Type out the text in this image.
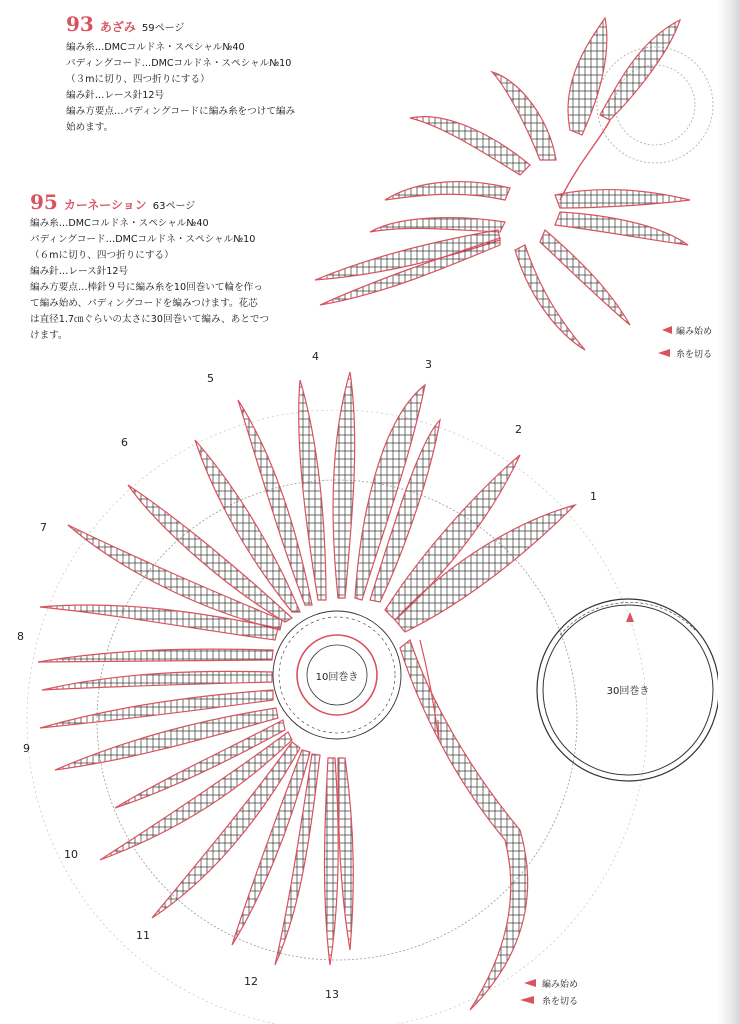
93 あざみ 59ページ
編み糸…DMCコルドネ・スペシャル№40
パディングコード…DMCコルドネ・スペシャル№10
（３mに切り、四つ折りにする）
編み針…レース針12号
編み方要点…パディングコードに編み糸をつけて編み
始めます。
95 カーネーション 63ページ
編み糸…DMCコルドネ・スペシャル№40
パディングコード…DMCコルドネ・スペシャル№10
（６mに切り、四つ折りにする）
編み針…レース針12号
編み方要点…棒針９号に編み糸を10回巻いて輪を作っ
て編み始め、パディングコードを編みつけます。花芯
は直径1.7㎝ぐらいの太さに30回巻いて編み、あとでつ
けます。	編み始め
糸を切る
10回巻き
1
2
3
4
5
6
7
8
9
10
11
12
13
30回巻き
編み始め
糸を切る
